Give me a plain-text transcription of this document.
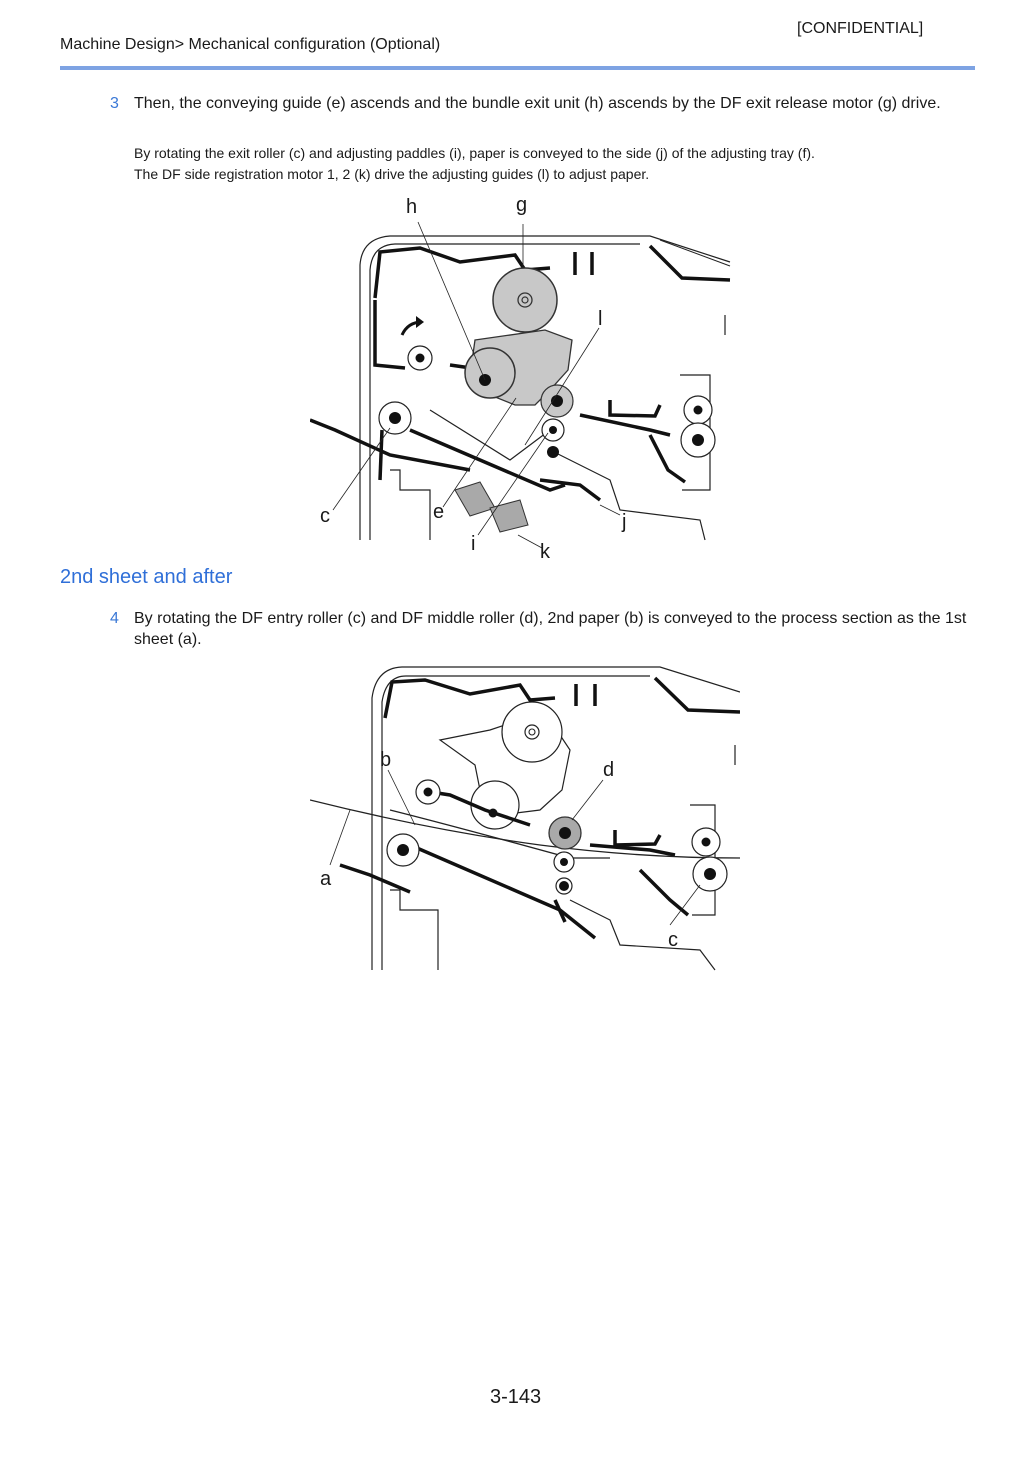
[CONFIDENTIAL]
Machine Design> Mechanical configuration (Optional)
3 Then, the conveying guide (e) ascends and the bundle exit unit (h) ascends by the DF exit release motor (g) drive.
By rotating the exit roller (c) and adjusting paddles (i), paper is conveyed to the side (j) of the adjusting tray (f).
The DF side registration motor 1, 2 (k) drive the adjusting guides (l) to adjust paper.
h	g
l
c	e
i	k
j
2nd sheet and after
4 By rotating the DF entry roller (c) and DF middle roller (d), 2nd paper (b) is conveyed to the process section as the 1st sheet (a).
b	d
a
c
3-143
